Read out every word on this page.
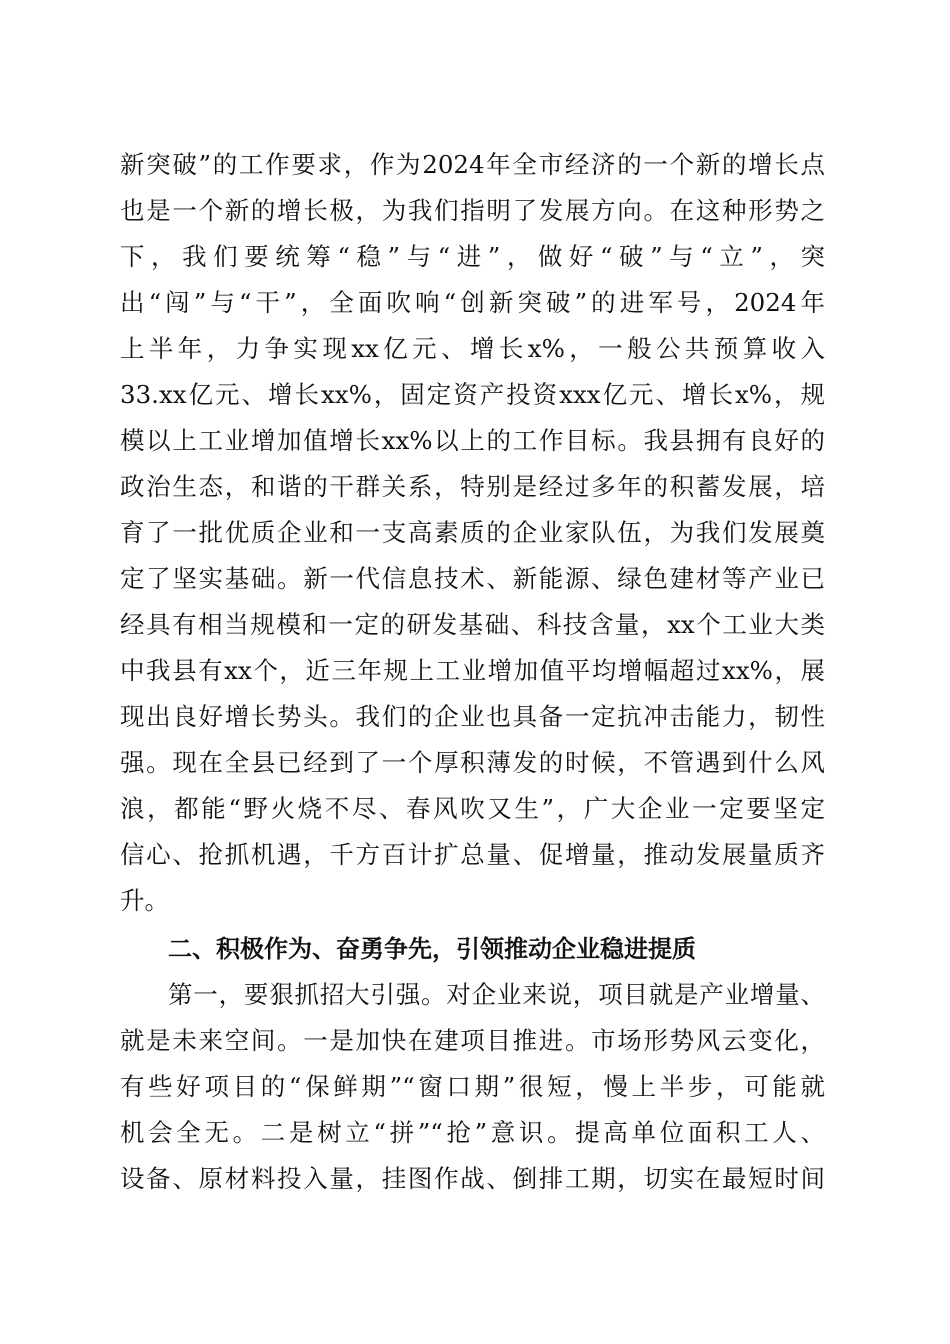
新突破”的工作要求，作为2024年全市经济的一个新的增长点
也是一个新的增长极，为我们指明了发展方向。在这种形势之
下，我们要统筹“稳”与“进”，做好“破”与“立”，突
出“闯”与“干”，全面吹响“创新突破”的进军号，2024年
上半年，力争实现xx亿元、增长x%，一般公共预算收入
33.xx亿元、增长xx%，固定资产投资xxx亿元、增长x%，规
模以上工业增加值增长xx%以上的工作目标。我县拥有良好的
政治生态，和谐的干群关系，特别是经过多年的积蓄发展，培
育了一批优质企业和一支高素质的企业家队伍，为我们发展奠
定了坚实基础。新一代信息技术、新能源、绿色建材等产业已
经具有相当规模和一定的研发基础、科技含量，xx个工业大类
中我县有xx个，近三年规上工业增加值平均增幅超过xx%，展
现出良好增长势头。我们的企业也具备一定抗冲击能力，韧性
强。现在全县已经到了一个厚积薄发的时候，不管遇到什么风
浪，都能“野火烧不尽、春风吹又生”，广大企业一定要坚定
信心、抢抓机遇，千方百计扩总量、促增量，推动发展量质齐
升。
二、积极作为、奋勇争先，引领推动企业稳进提质
第一，要狠抓招大引强。对企业来说，项目就是产业增量、
就是未来空间。一是加快在建项目推进。市场形势风云变化，
有些好项目的“保鲜期”“窗口期”很短，慢上半步，可能就
机会全无。二是树立“拼”“抢”意识。提高单位面积工人、
设备、原材料投入量，挂图作战、倒排工期，切实在最短时间
